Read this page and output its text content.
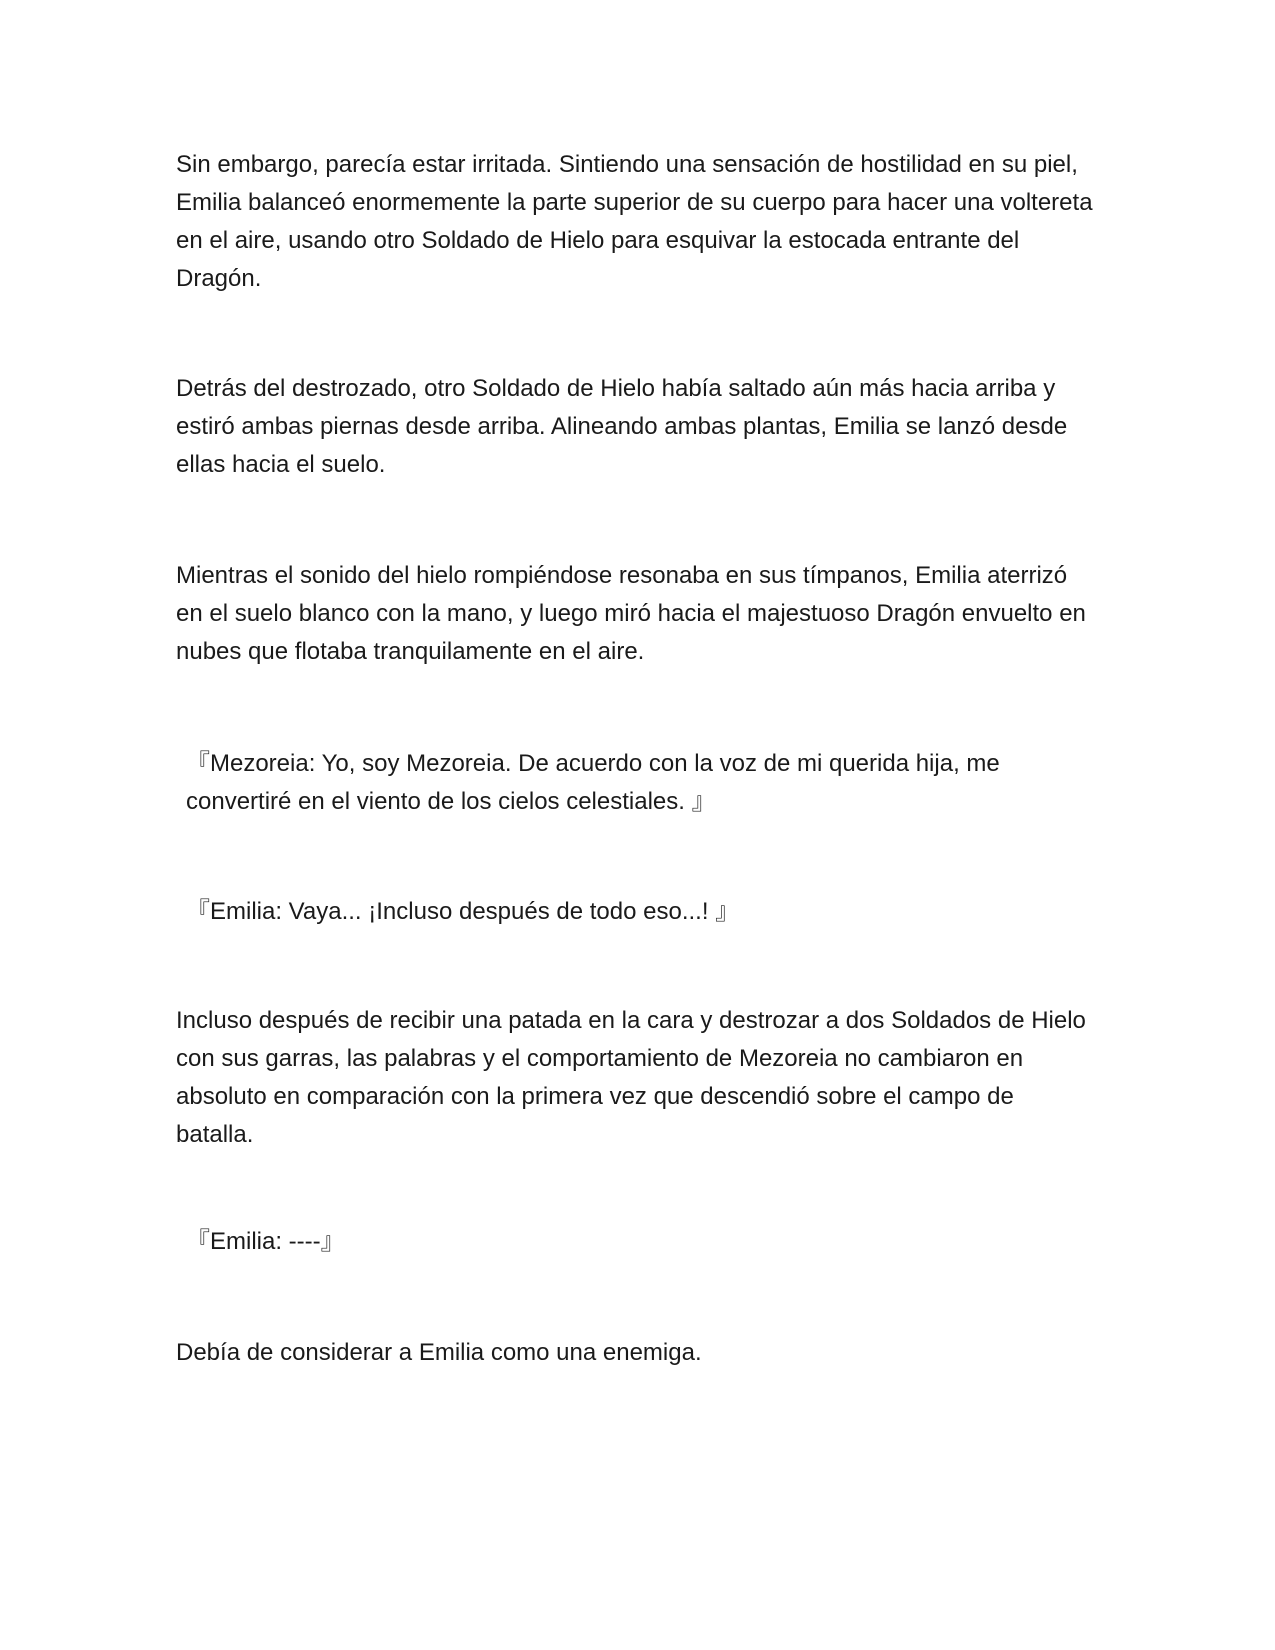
Sin embargo, parecía estar irritada. Sintiendo una sensación de hostilidad en su piel, Emilia balanceó enormemente la parte superior de su cuerpo para hacer una voltereta en el aire, usando otro Soldado de Hielo para esquivar la estocada entrante del Dragón.

Detrás del destrozado, otro Soldado de Hielo había saltado aún más hacia arriba y estiró ambas piernas desde arriba. Alineando ambas plantas, Emilia se lanzó desde ellas hacia el suelo.

Mientras el sonido del hielo rompiéndose resonaba en sus tímpanos, Emilia aterrizó en el suelo blanco con la mano, y luego miró hacia el majestuoso Dragón envuelto en nubes que flotaba tranquilamente en el aire.

『Mezoreia: Yo, soy Mezoreia. De acuerdo con la voz de mi querida hija, me convertiré en el viento de los cielos celestiales. 』

『Emilia: Vaya... ¡Incluso después de todo eso...! 』

Incluso después de recibir una patada en la cara y destrozar a dos Soldados de Hielo con sus garras, las palabras y el comportamiento de Mezoreia no cambiaron en absoluto en comparación con la primera vez que descendió sobre el campo de batalla.

『Emilia: ----』

Debía de considerar a Emilia como una enemiga.
